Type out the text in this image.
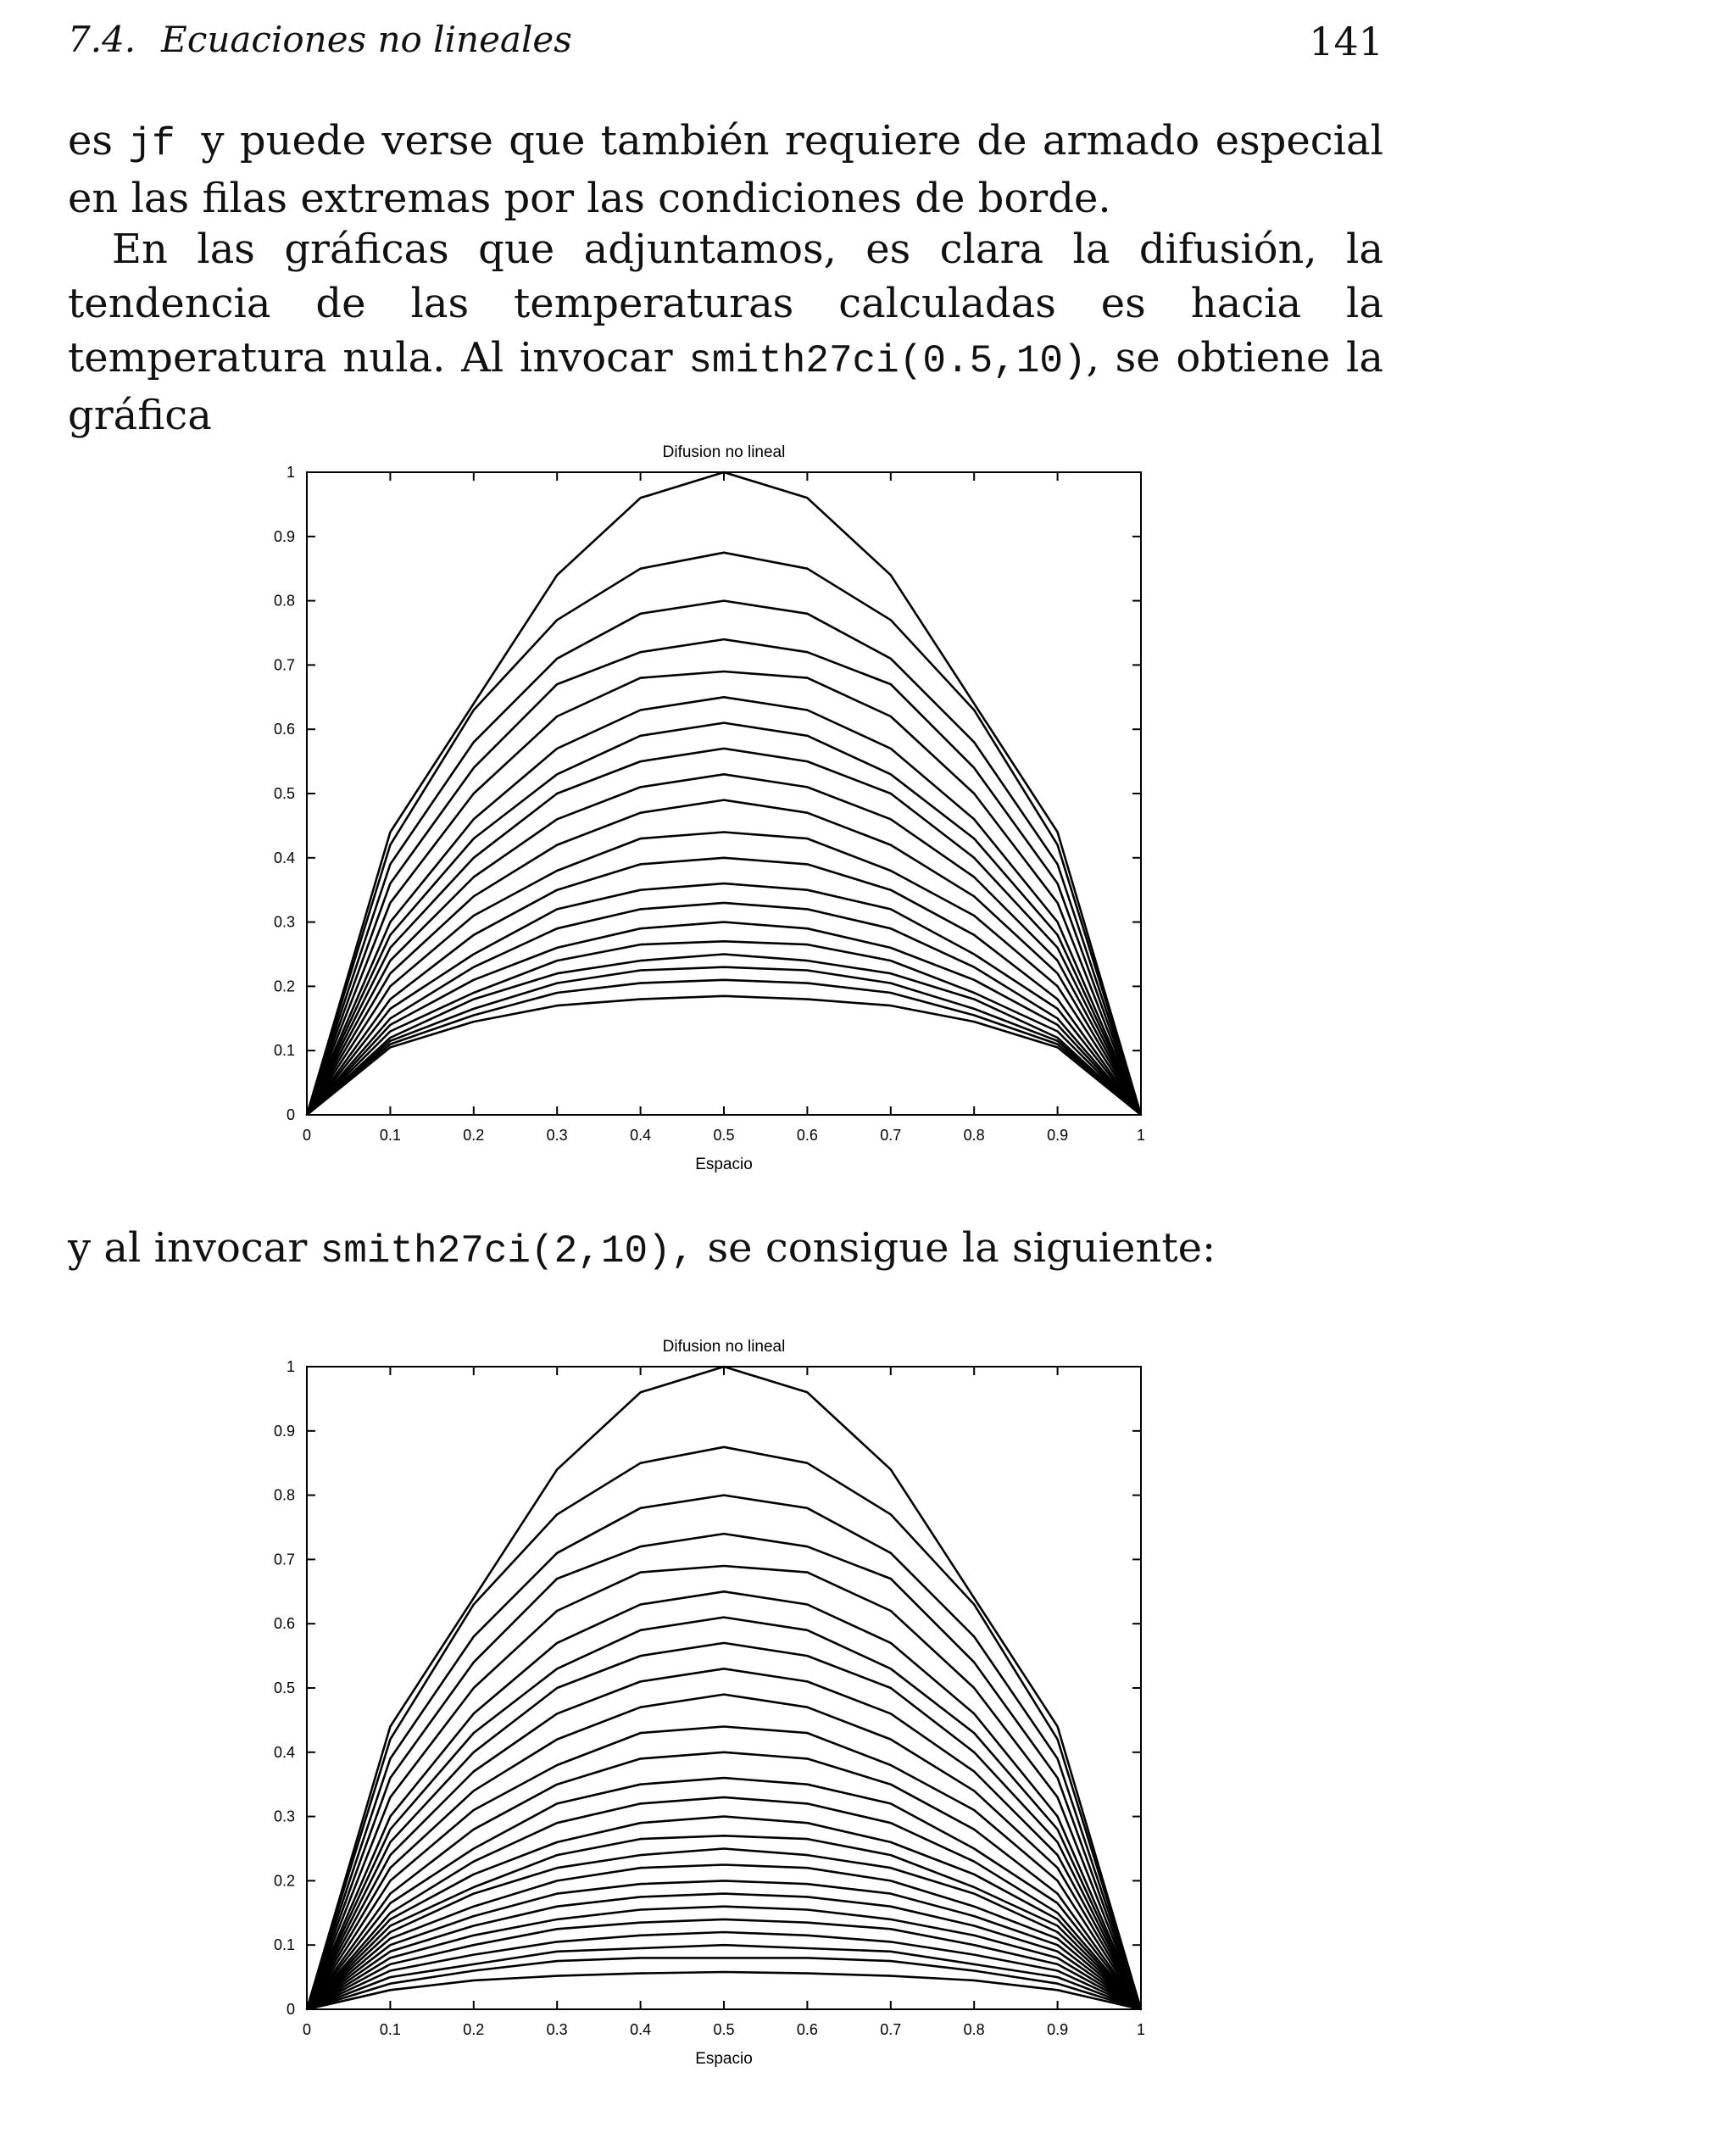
7.4. Ecuaciones no lineales	141
es jf y puede verse que también requiere de armado especial en las filas extremas por las condiciones de borde.
En las gráficas que adjuntamos, es clara la difusión, la tendencia de las temperaturas calculadas es hacia la temperatura nula. Al invocar smith27ci(0.5,10), se obtiene la gráfica
Difusion no lineal
0	0.1	0.2	0.3	0.4	0.5	0.6	0.7	0.8	0.9	1
0
0.1
0.2
0.3
0.4
0.5
0.6
0.7
0.8
0.9
1
Espacio
y al invocar smith27ci(2,10), se consigue la siguiente:
Difusion no lineal
0	0.1	0.2	0.3	0.4	0.5	0.6	0.7	0.8	0.9	1
0
0.1
0.2
0.3
0.4
0.5
0.6
0.7
0.8
0.9
1
Espacio
